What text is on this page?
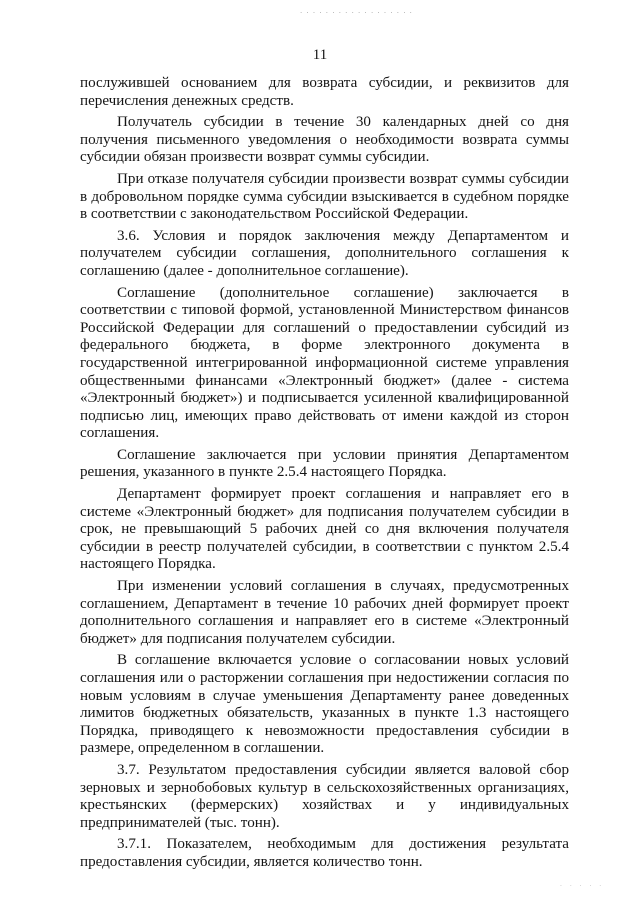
· · · · · · · · · · · · · · · · · ·
11

послужившей основанием для возврата субсидии, и реквизитов для перечисления денежных средств.

Получатель субсидии в течение 30 календарных дней со дня получения письменного уведомления о необходимости возврата суммы субсидии обязан произвести возврат суммы субсидии.

При отказе получателя субсидии произвести возврат суммы субсидии в добровольном порядке сумма субсидии взыскивается в судебном порядке в соответствии с законодательством Российской Федерации.

3.6. Условия и порядок заключения между Департаментом и получателем субсидии соглашения, дополнительного соглашения к соглашению (далее - дополнительное соглашение).

Соглашение (дополнительное соглашение) заключается в соответствии с типовой формой, установленной Министерством финансов Российской Федерации для соглашений о предоставлении субсидий из федерального бюджета, в форме электронного документа в государственной интегрированной информационной системе управления общественными финансами «Электронный бюджет» (далее - система «Электронный бюджет») и подписывается усиленной квалифицированной подписью лиц, имеющих право действовать от имени каждой из сторон соглашения.

Соглашение заключается при условии принятия Департаментом решения, указанного в пункте 2.5.4 настоящего Порядка.

Департамент формирует проект соглашения и направляет его в системе «Электронный бюджет» для подписания получателем субсидии в срок, не превышающий 5 рабочих дней со дня включения получателя субсидии в реестр получателей субсидии, в соответствии с пунктом 2.5.4 настоящего Порядка.

При изменении условий соглашения в случаях, предусмотренных соглашением, Департамент в течение 10 рабочих дней формирует проект дополнительного соглашения и направляет его в системе «Электронный бюджет» для подписания получателем субсидии.

В соглашение включается условие о согласовании новых условий соглашения или о расторжении соглашения при недостижении согласия по новым условиям в случае уменьшения Департаменту ранее доведенных лимитов бюджетных обязательств, указанных в пункте 1.3 настоящего Порядка, приводящего к невозможности предоставления субсидии в размере, определенном в соглашении.

3.7. Результатом предоставления субсидии является валовой сбор зерновых и зернобобовых культур в сельскохозяйственных организациях, крестьянских (фермерских) хозяйствах и у индивидуальных предпринимателей (тыс. тонн).

3.7.1. Показателем, необходимым для достижения результата предоставления субсидии, является количество тонн.

· · · · ·
